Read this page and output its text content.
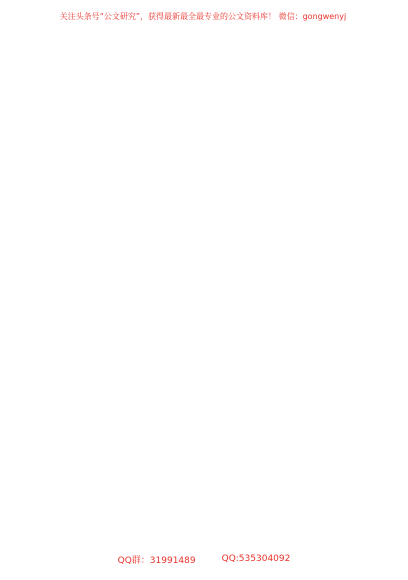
关注头条号“公文研究”，获得最新最全最专业的公文资料库！ 微信：gongwenyj

QQ群：31991489	QQ:535304092
